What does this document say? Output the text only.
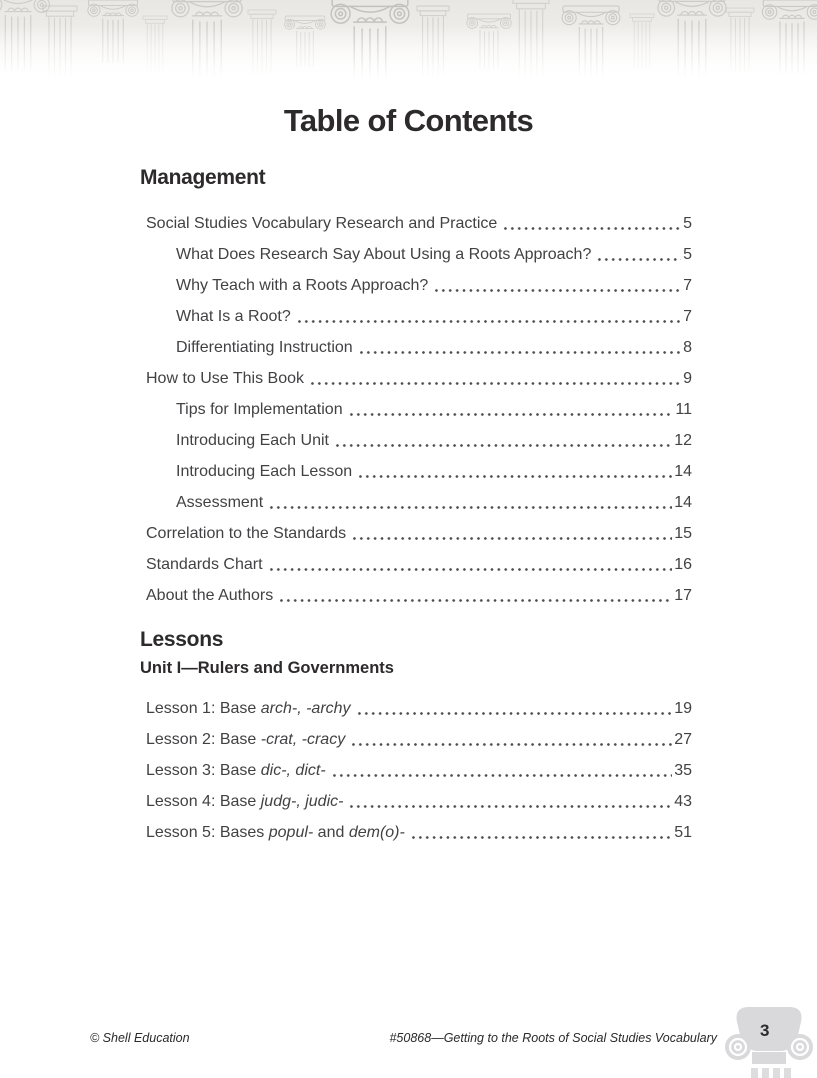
Table of Contents
Management
Social Studies Vocabulary Research and Practice	5
What Does Research Say About Using a Roots Approach?	5
Why Teach with a Roots Approach?	7
What Is a Root?	7
Differentiating Instruction	8
How to Use This Book	9
Tips for Implementation	11
Introducing Each Unit	12
Introducing Each Lesson	14
Assessment	14
Correlation to the Standards	15
Standards Chart	16
About the Authors	17
Lessons
Unit I—Rulers and Governments
Lesson 1: Base arch-, -archy	19
Lesson 2: Base -crat, -cracy	27
Lesson 3: Base dic-, dict-	35
Lesson 4: Base judg-, judic-	43
Lesson 5: Bases popul- and dem(o)-	51
© Shell Education	#50868—Getting to the Roots of Social Studies Vocabulary	3
